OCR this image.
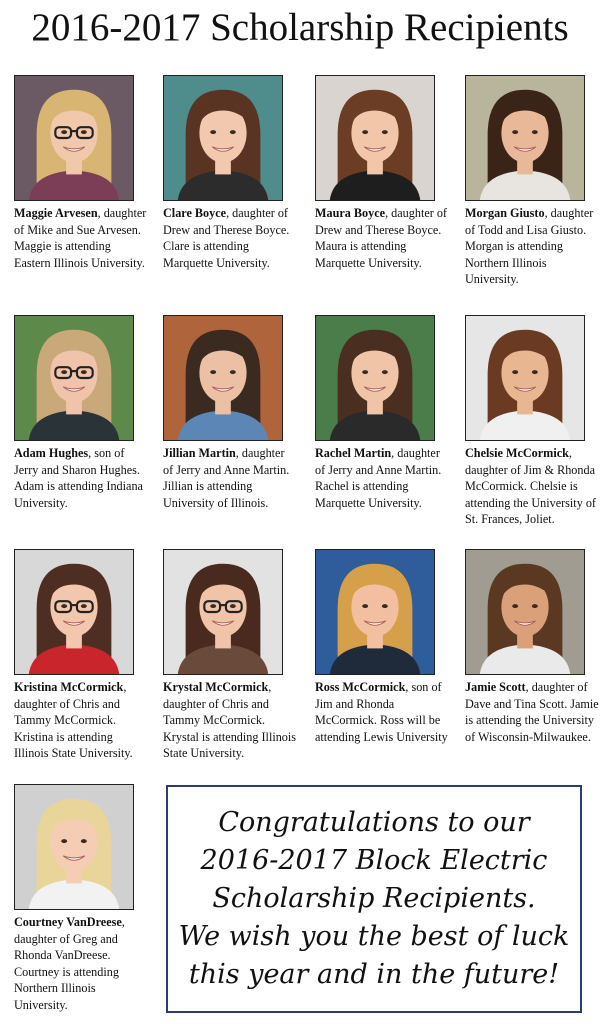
2016-2017 Scholarship Recipients
Maggie Arvesen, daughter of Mike and Sue Arvesen. Maggie is attending Eastern Illinois University.
Clare Boyce, daughter of Drew and Therese Boyce. Clare is attending Marquette University.
Maura Boyce, daughter of Drew and Therese Boyce. Maura is attending Marquette University.
Morgan Giusto, daughter of Todd and Lisa Giusto. Morgan is attending Northern Illinois University.
Adam Hughes, son of Jerry and Sharon Hughes. Adam is attending Indiana University.
Jillian Martin, daughter of Jerry and Anne Martin. Jillian is attending University of Illinois.
Rachel Martin, daughter of Jerry and Anne Martin. Rachel is attending Marquette University.
Chelsie McCormick, daughter of Jim & Rhonda McCormick. Chelsie is attending the University of St. Frances, Joliet.
Kristina McCormick, daughter of Chris and Tammy McCormick. Kristina is attending Illinois State University.
Krystal McCormick, daughter of Chris and Tammy McCormick. Krystal is attending Illinois State University.
Ross McCormick, son of Jim and Rhonda McCormick. Ross will be attending Lewis University
Jamie Scott, daughter of Dave and Tina Scott. Jamie is attending the University of Wisconsin-Milwaukee.
Courtney VanDreese, daughter of Greg and Rhonda VanDreese. Courtney is attending Northern Illinois University.
Congratulations to our
2016-2017 Block Electric
Scholarship Recipients.
We wish you the best of luck
this year and in the future!
